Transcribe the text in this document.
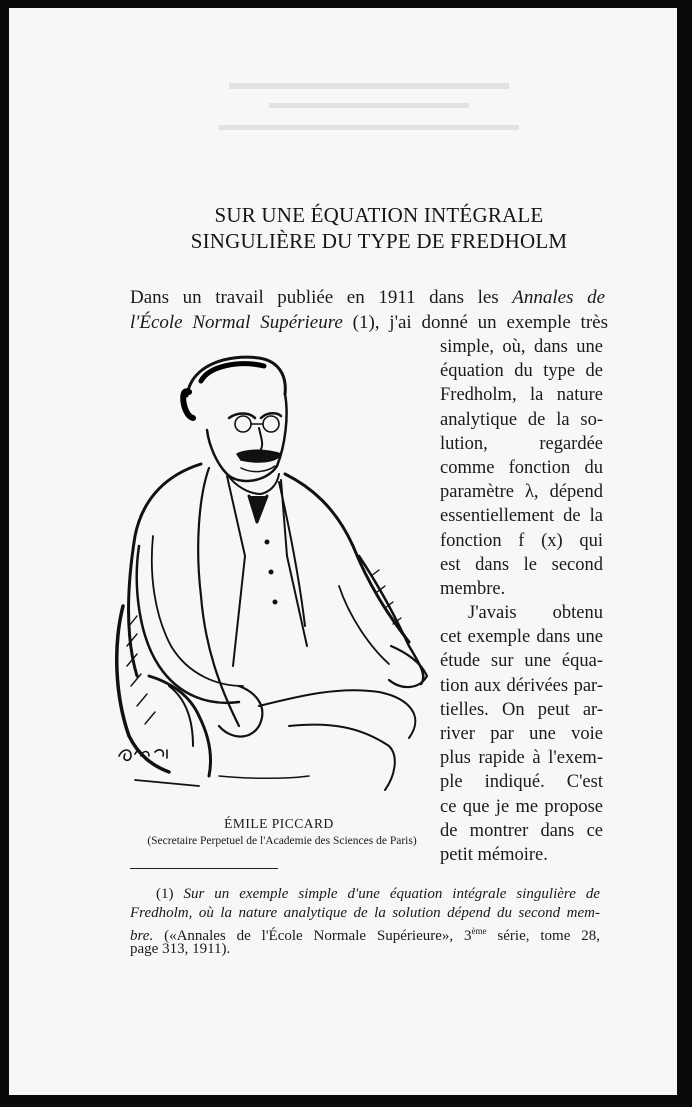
SUR UNE ÉQUATION INTÉGRALE
SINGULIÈRE DU TYPE DE FREDHOLM
Dans un travail publiée en 1911 dans les Annales de
l'École Normal Supérieure (1), j'ai donné un exemple très
simple, où, dans une
équation du type de
Fredholm, la nature
analytique de la so-
lution, regardée
comme fonction du
paramètre λ, dépend
essentiellement de la
fonction f (x) qui
est dans le second
membre.
J'avais obtenu
cet exemple dans une
étude sur une équa-
tion aux dérivées par-
tielles. On peut ar-
river par une voie
plus rapide à l'exem-
ple indiqué. C'est
ce que je me propose
de montrer dans ce
petit mémoire.
ÉMILE PICCARD
(Secretaire Perpetuel de l'Academie des Sciences de Paris)
(1) Sur un exemple simple d'une équation intégrale singulière de
Fredholm, où la nature analytique de la solution dépend du second mem-
bre. («Annales de l'École Normale Supérieure», 3ème série, tome 28,
page 313, 1911).
